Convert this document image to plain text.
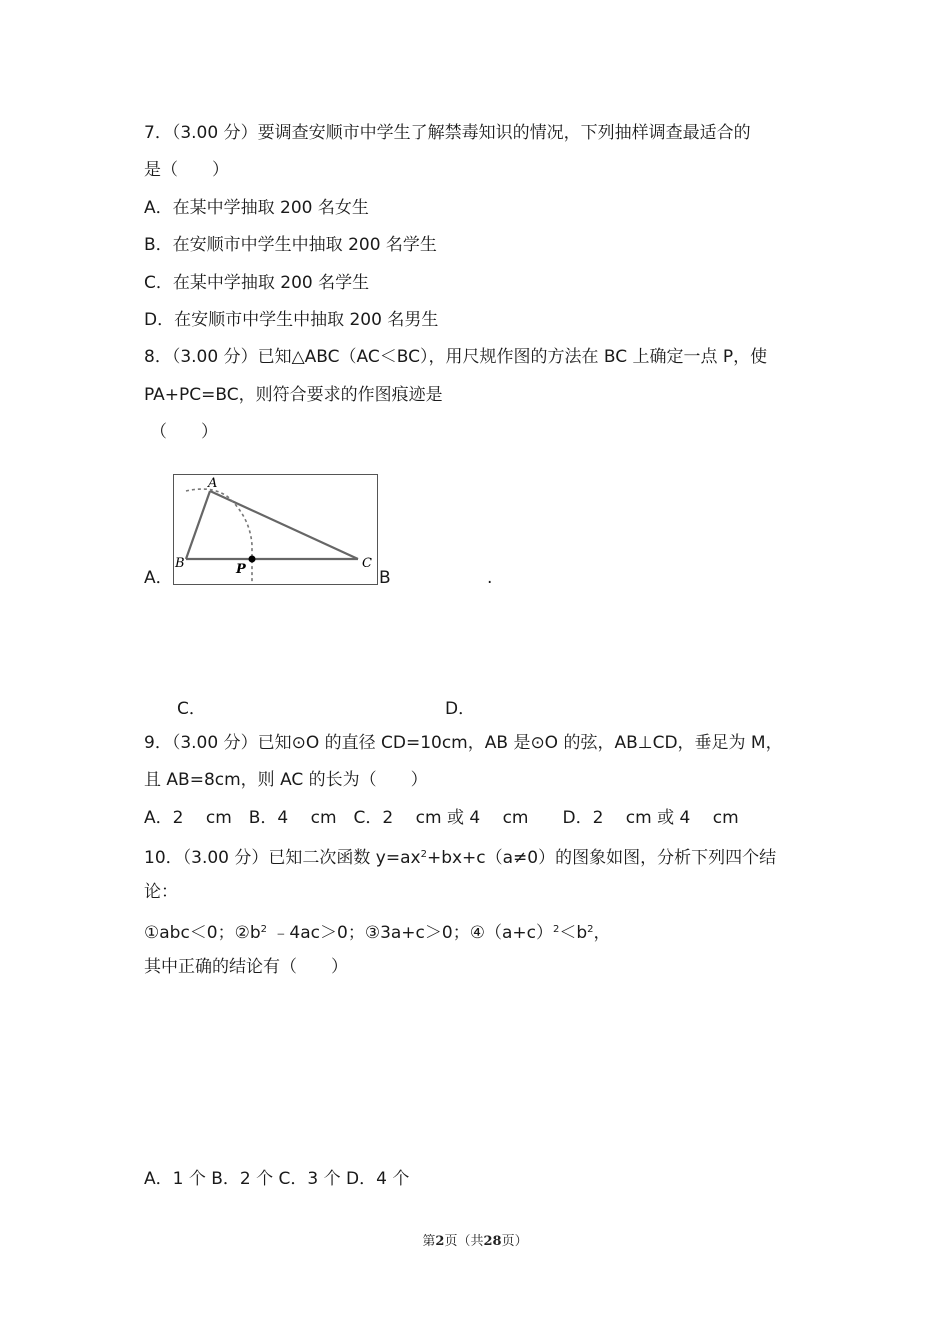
7．（3.00 分）要调查安顺市中学生了解禁毒知识的情况，下列抽样调查最适合的
是（　　）
A．在某中学抽取 200 名女生
B．在安顺市中学生中抽取 200 名学生
C．在某中学抽取 200 名学生
D．在安顺市中学生中抽取 200 名男生
8．（3.00 分）已知△ABC（AC＜BC），用尺规作图的方法在 BC 上确定一点 P，使
PA+PC=BC，则符合要求的作图痕迹是
（　　）
A．
A
B	C
P	B	.
C．	D．
9．（3.00 分）已知⊙O 的直径 CD=10cm，AB 是⊙O 的弦，AB⊥CD，垂足为 M，
且 AB=8cm，则 AC 的长为（　　）
A．2　 cm　B．4　 cm　C．2　 cm 或 4　 cm　　D．2　 cm 或 4　 cm
10．（3.00 分）已知二次函数 $y=ax^2+bx+c(a\ne 0)$的图象如图，分析下列四个结
论：
①abc＜0；$②b^2$ ﹣4ac＞0；③3a+c＞0；$④(a+c)^2<b^2$，
其中正确的结论有（　　）
A．1 个 B．2 个 C．3 个 D．4 个
第2页（共28页）
